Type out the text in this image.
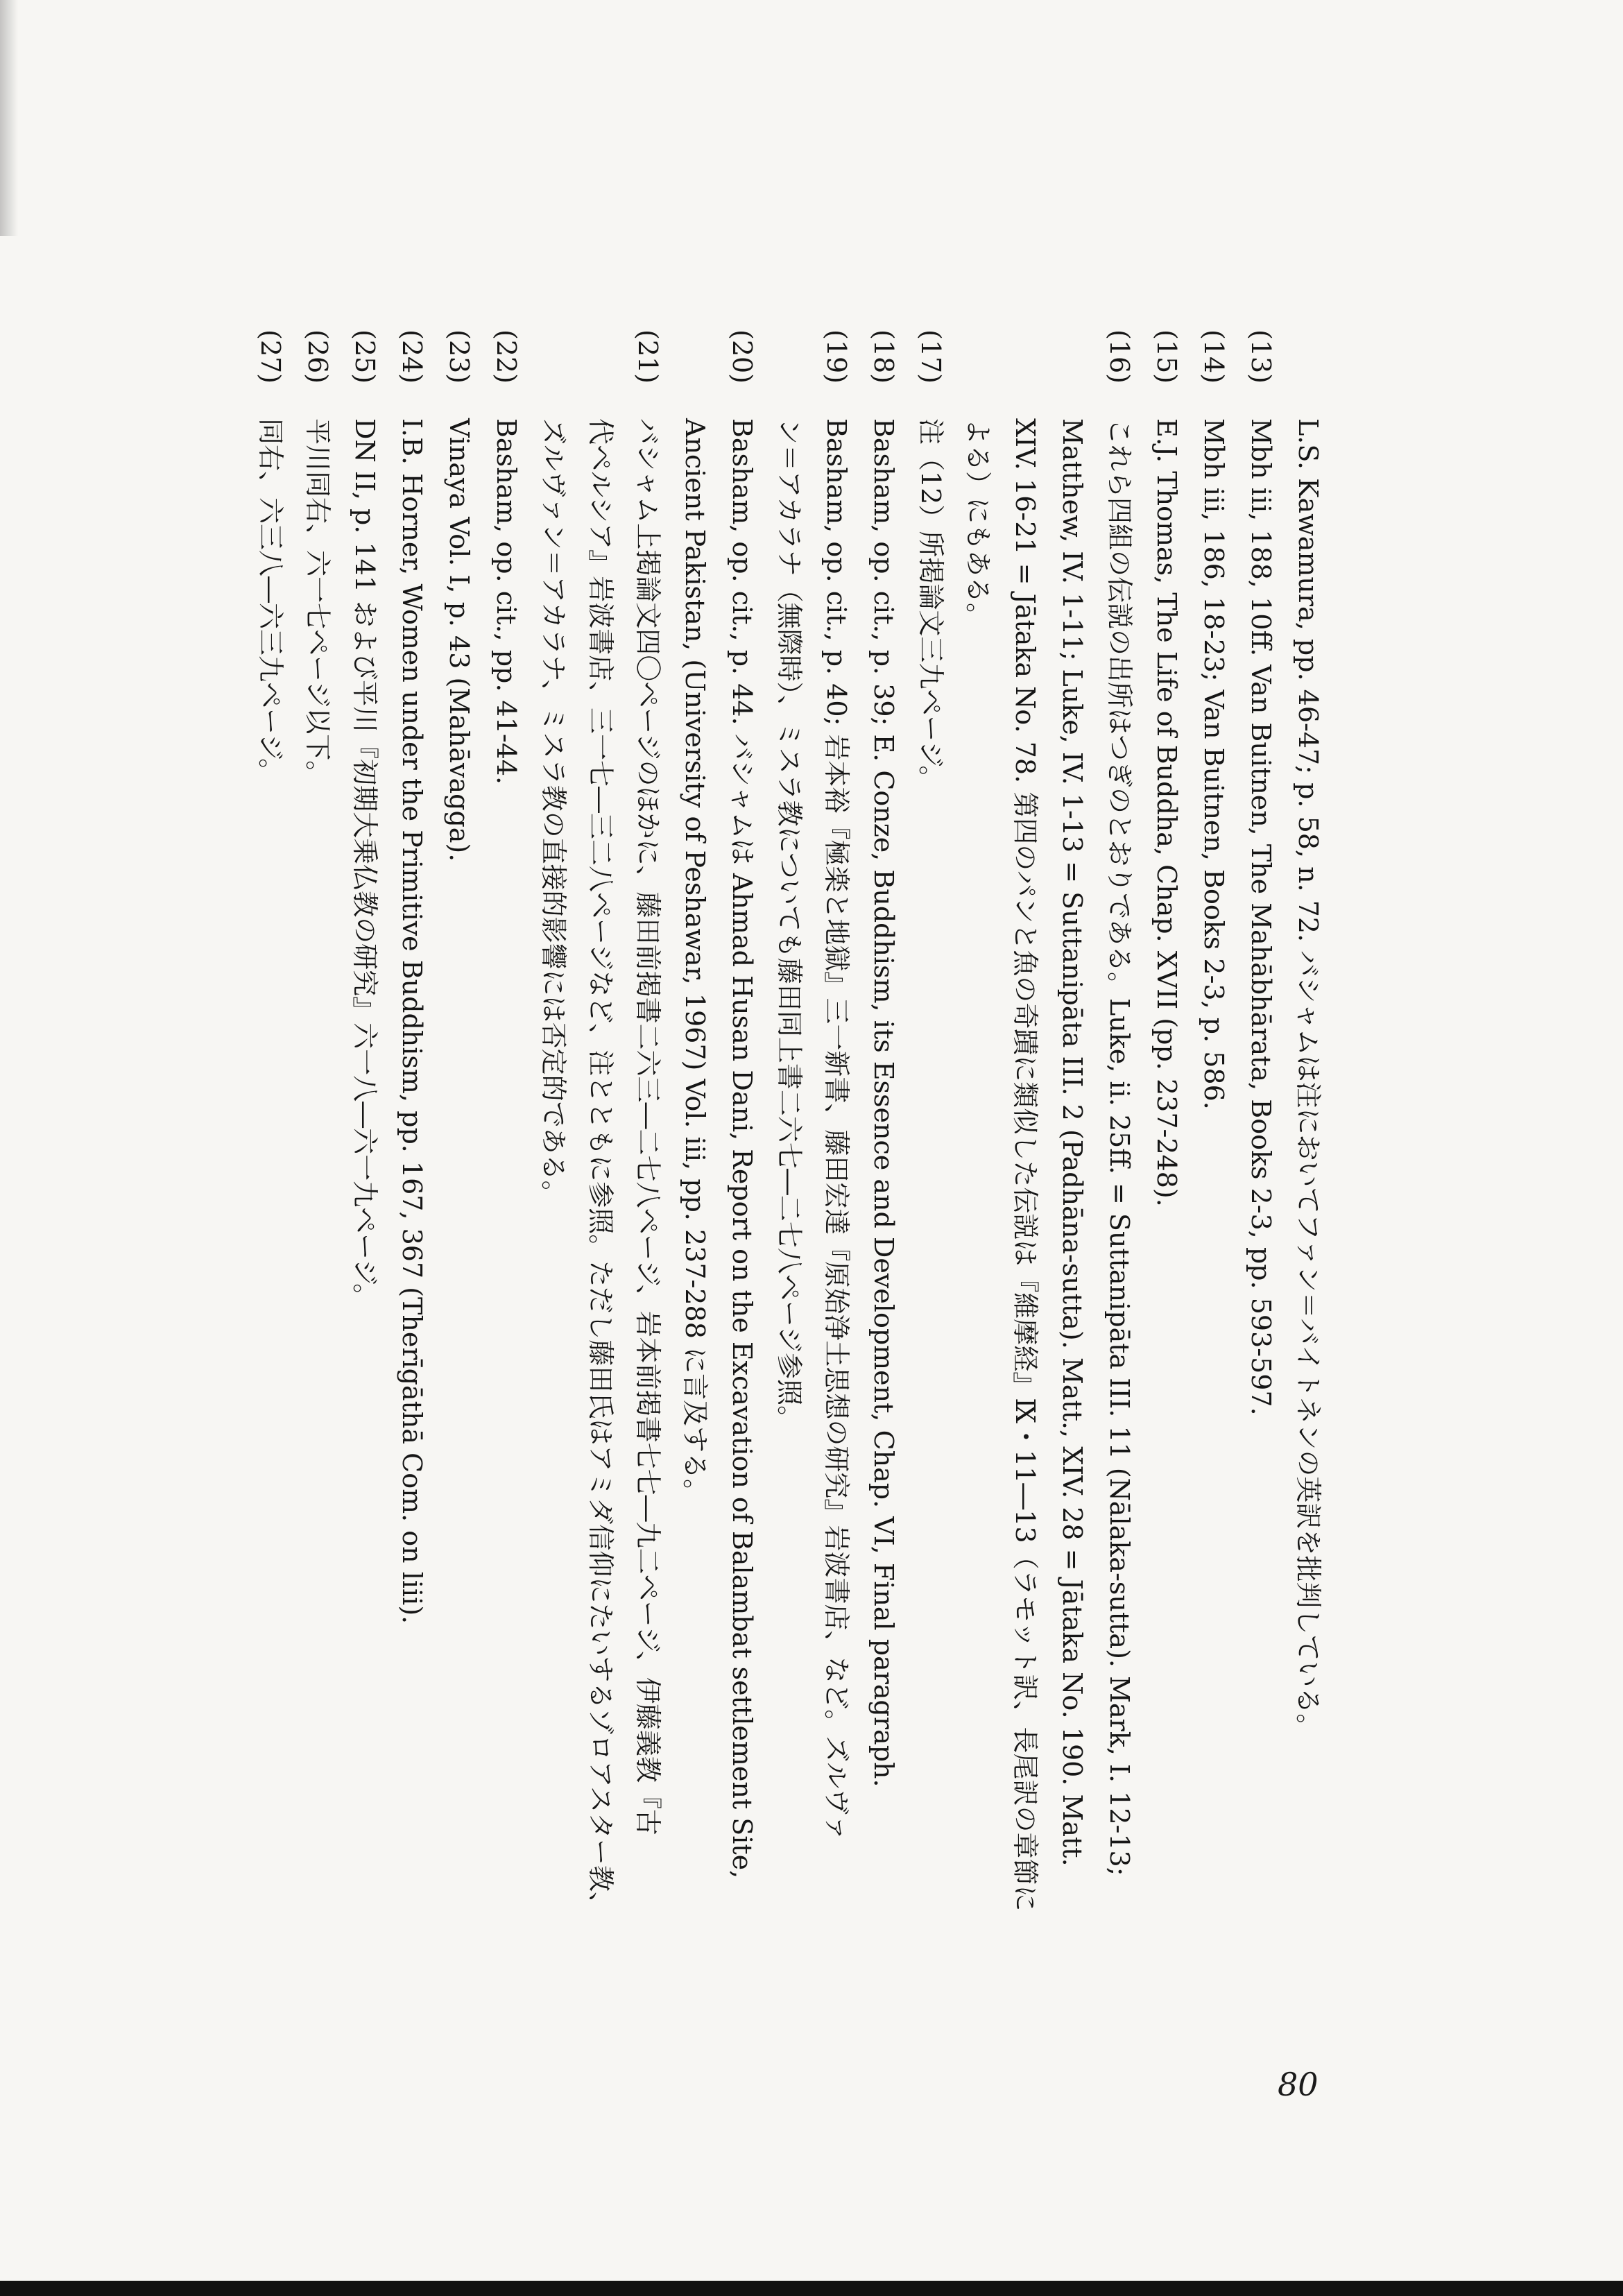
L.S. Kawamura, pp. 46-47; p. 58, n. 72. バシャムは注においてファン＝バイトネンの英訳を批判している。
(13)
Mbh iii, 188, 10ff. Van Buitnen, The Mahābhārata, Books 2-3, pp. 593-597.
(14)
Mbh iii, 186, 18-23; Van Buitnen, Books 2-3, p. 586.
(15)
E.J. Thomas, The Life of Buddha, Chap. XVII (pp. 237-248).
(16)
これら四組の伝説の出所はつぎのとおりである。Luke, ii. 25ff. = Suttanipāta III. 11 (Nālaka-sutta). Mark, I. 12-13;
Matthew, IV. 1-11; Luke, IV. 1-13 = Suttanipāta III. 2 (Padhāna-sutta). Matt., XIV. 28 = Jātaka No. 190. Matt.
XIV. 16-21 = Jātaka No. 78. 第四のパンと魚の奇蹟に類似した伝説は『維摩経』Ⅸ・11―13（ラモット訳、長尾訳の章節に
よる）にもある。
(17)
注（12）所掲論文三九ページ。
(18)
Basham, op. cit., p. 39; E. Conze, Buddhism, its Essence and Development, Chap. VI, Final paragraph.
(19)
Basham, op. cit., p. 40; 岩本裕『極楽と地獄』三一新書、藤田宏達『原始浄土思想の研究』岩波書店、など。ズルヴァ
ン＝アカラナ（無際時）、ミスラ教についても藤田同上書二六七―二七八ページ参照。
(20)
Basham, op. cit., p. 44. バシャムは Ahmad Husan Dani, Report on the Excavation of Balambat settlement Site,
Ancient Pakistan, (University of Peshawar, 1967) Vol. iii, pp. 237-288 に言及する。
(21)
バシャム上掲論文四〇ページのほかに、藤田前掲書二六三―二七八ページ、岩本前掲書七七―九二ページ、伊藤義教『古
代ペルシア』岩波書店、三一七―三二八ページなど、注とともに参照。ただし藤田氏はアミダ信仰にたいするゾロアスター教、
ズルヴァン＝アカラナ、ミスラ教の直接的影響には否定的である。
(22)
Basham, op. cit., pp. 41-44.
(23)
Vinaya Vol. I, p. 43 (Mahāvagga).
(24)
I.B. Horner, Women under the Primitive Buddhism, pp. 167, 367 (Therīgāthā Com. on liii).
(25)
DN II, p. 141 および平川『初期大乗仏教の研究』六一八―六一九ページ。
(26)
平川同右、六一七ページ以下。
(27)
同右、六三八―六三九ページ。
80
